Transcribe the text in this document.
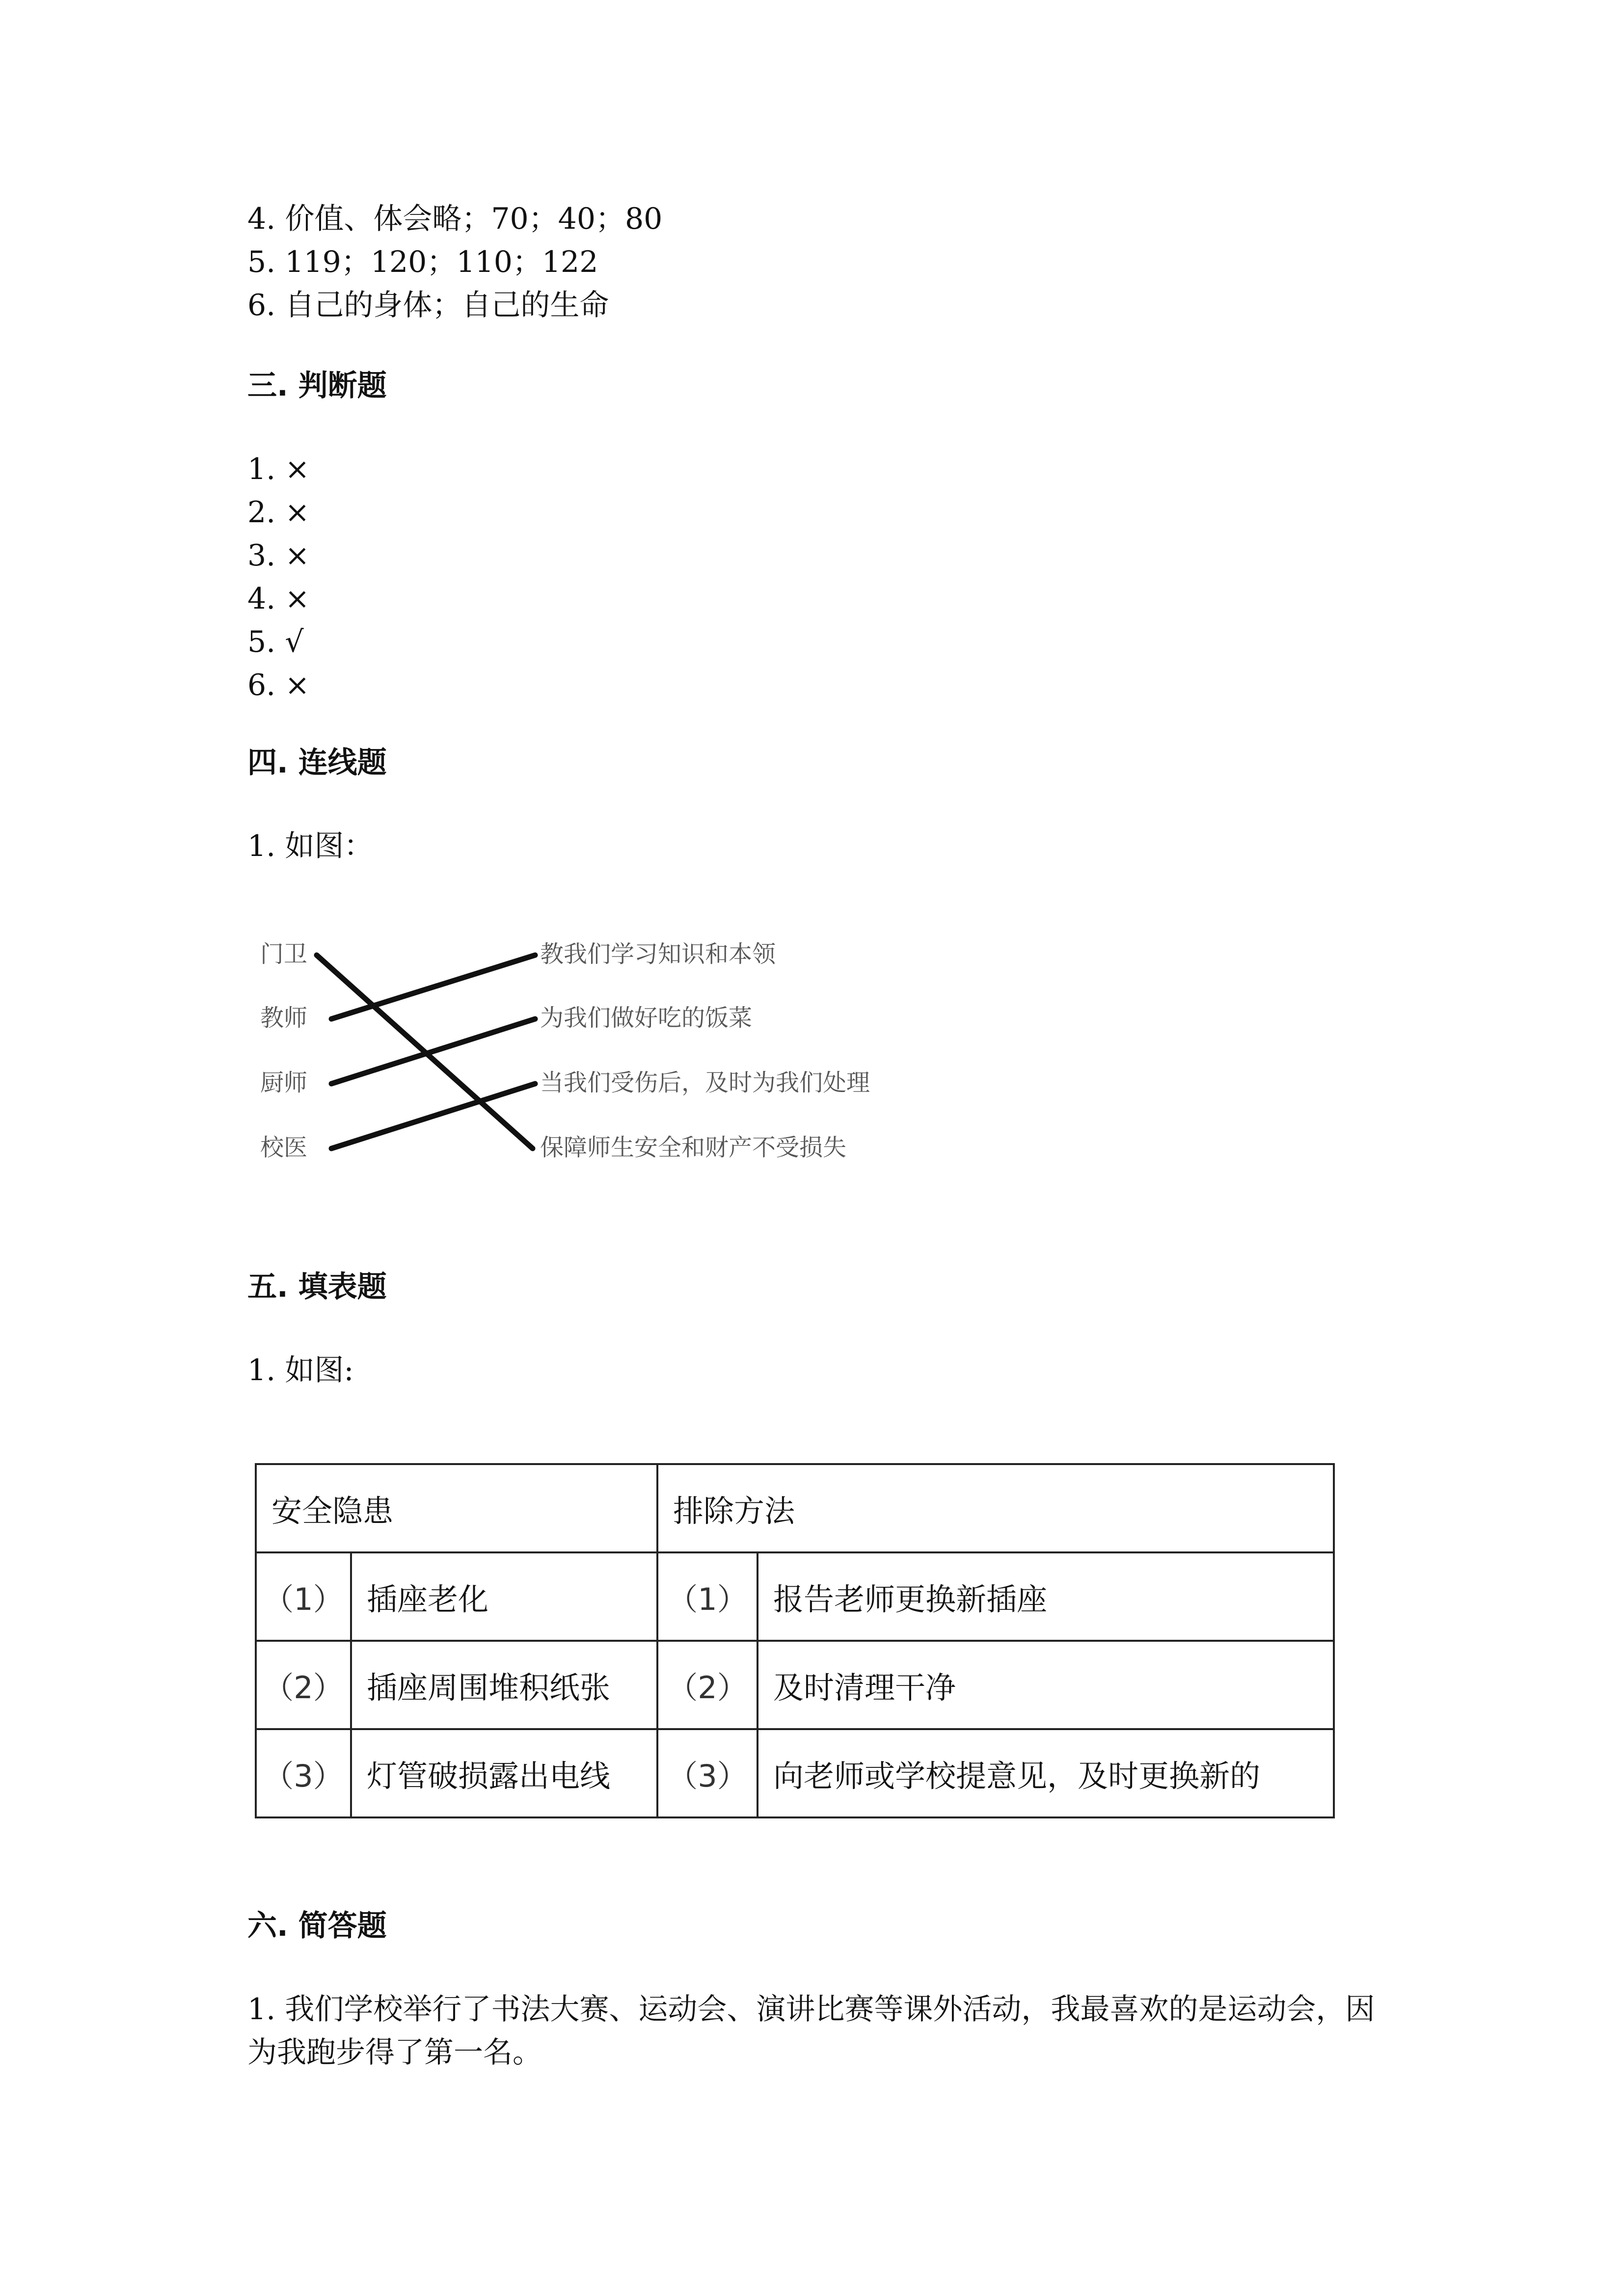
4. 价值、体会略；70；40；80
5. 119；120；110；122
6. 自己的身体；自己的生命
三. 判断题
1. ×
2. ×
3. ×
4. ×
5. √
6. ×
四. 连线题
1. 如图：
门卫
教师
厨师
校医
教我们学习知识和本领
为我们做好吃的饭菜
当我们受伤后，及时为我们处理
保障师生安全和财产不受损失
五. 填表题
1. 如图:
安全隐患		排除方法	
（1）	插座老化	（1）	报告老师更换新插座
（2）	插座周围堆积纸张	（2）	及时清理干净
（3）	灯管破损露出电线	（3）	向老师或学校提意见，及时更换新的
六. 简答题
1. 我们学校举行了书法大赛、运动会、演讲比赛等课外活动，我最喜欢的是运动会，因为我跑步得了第一名。
